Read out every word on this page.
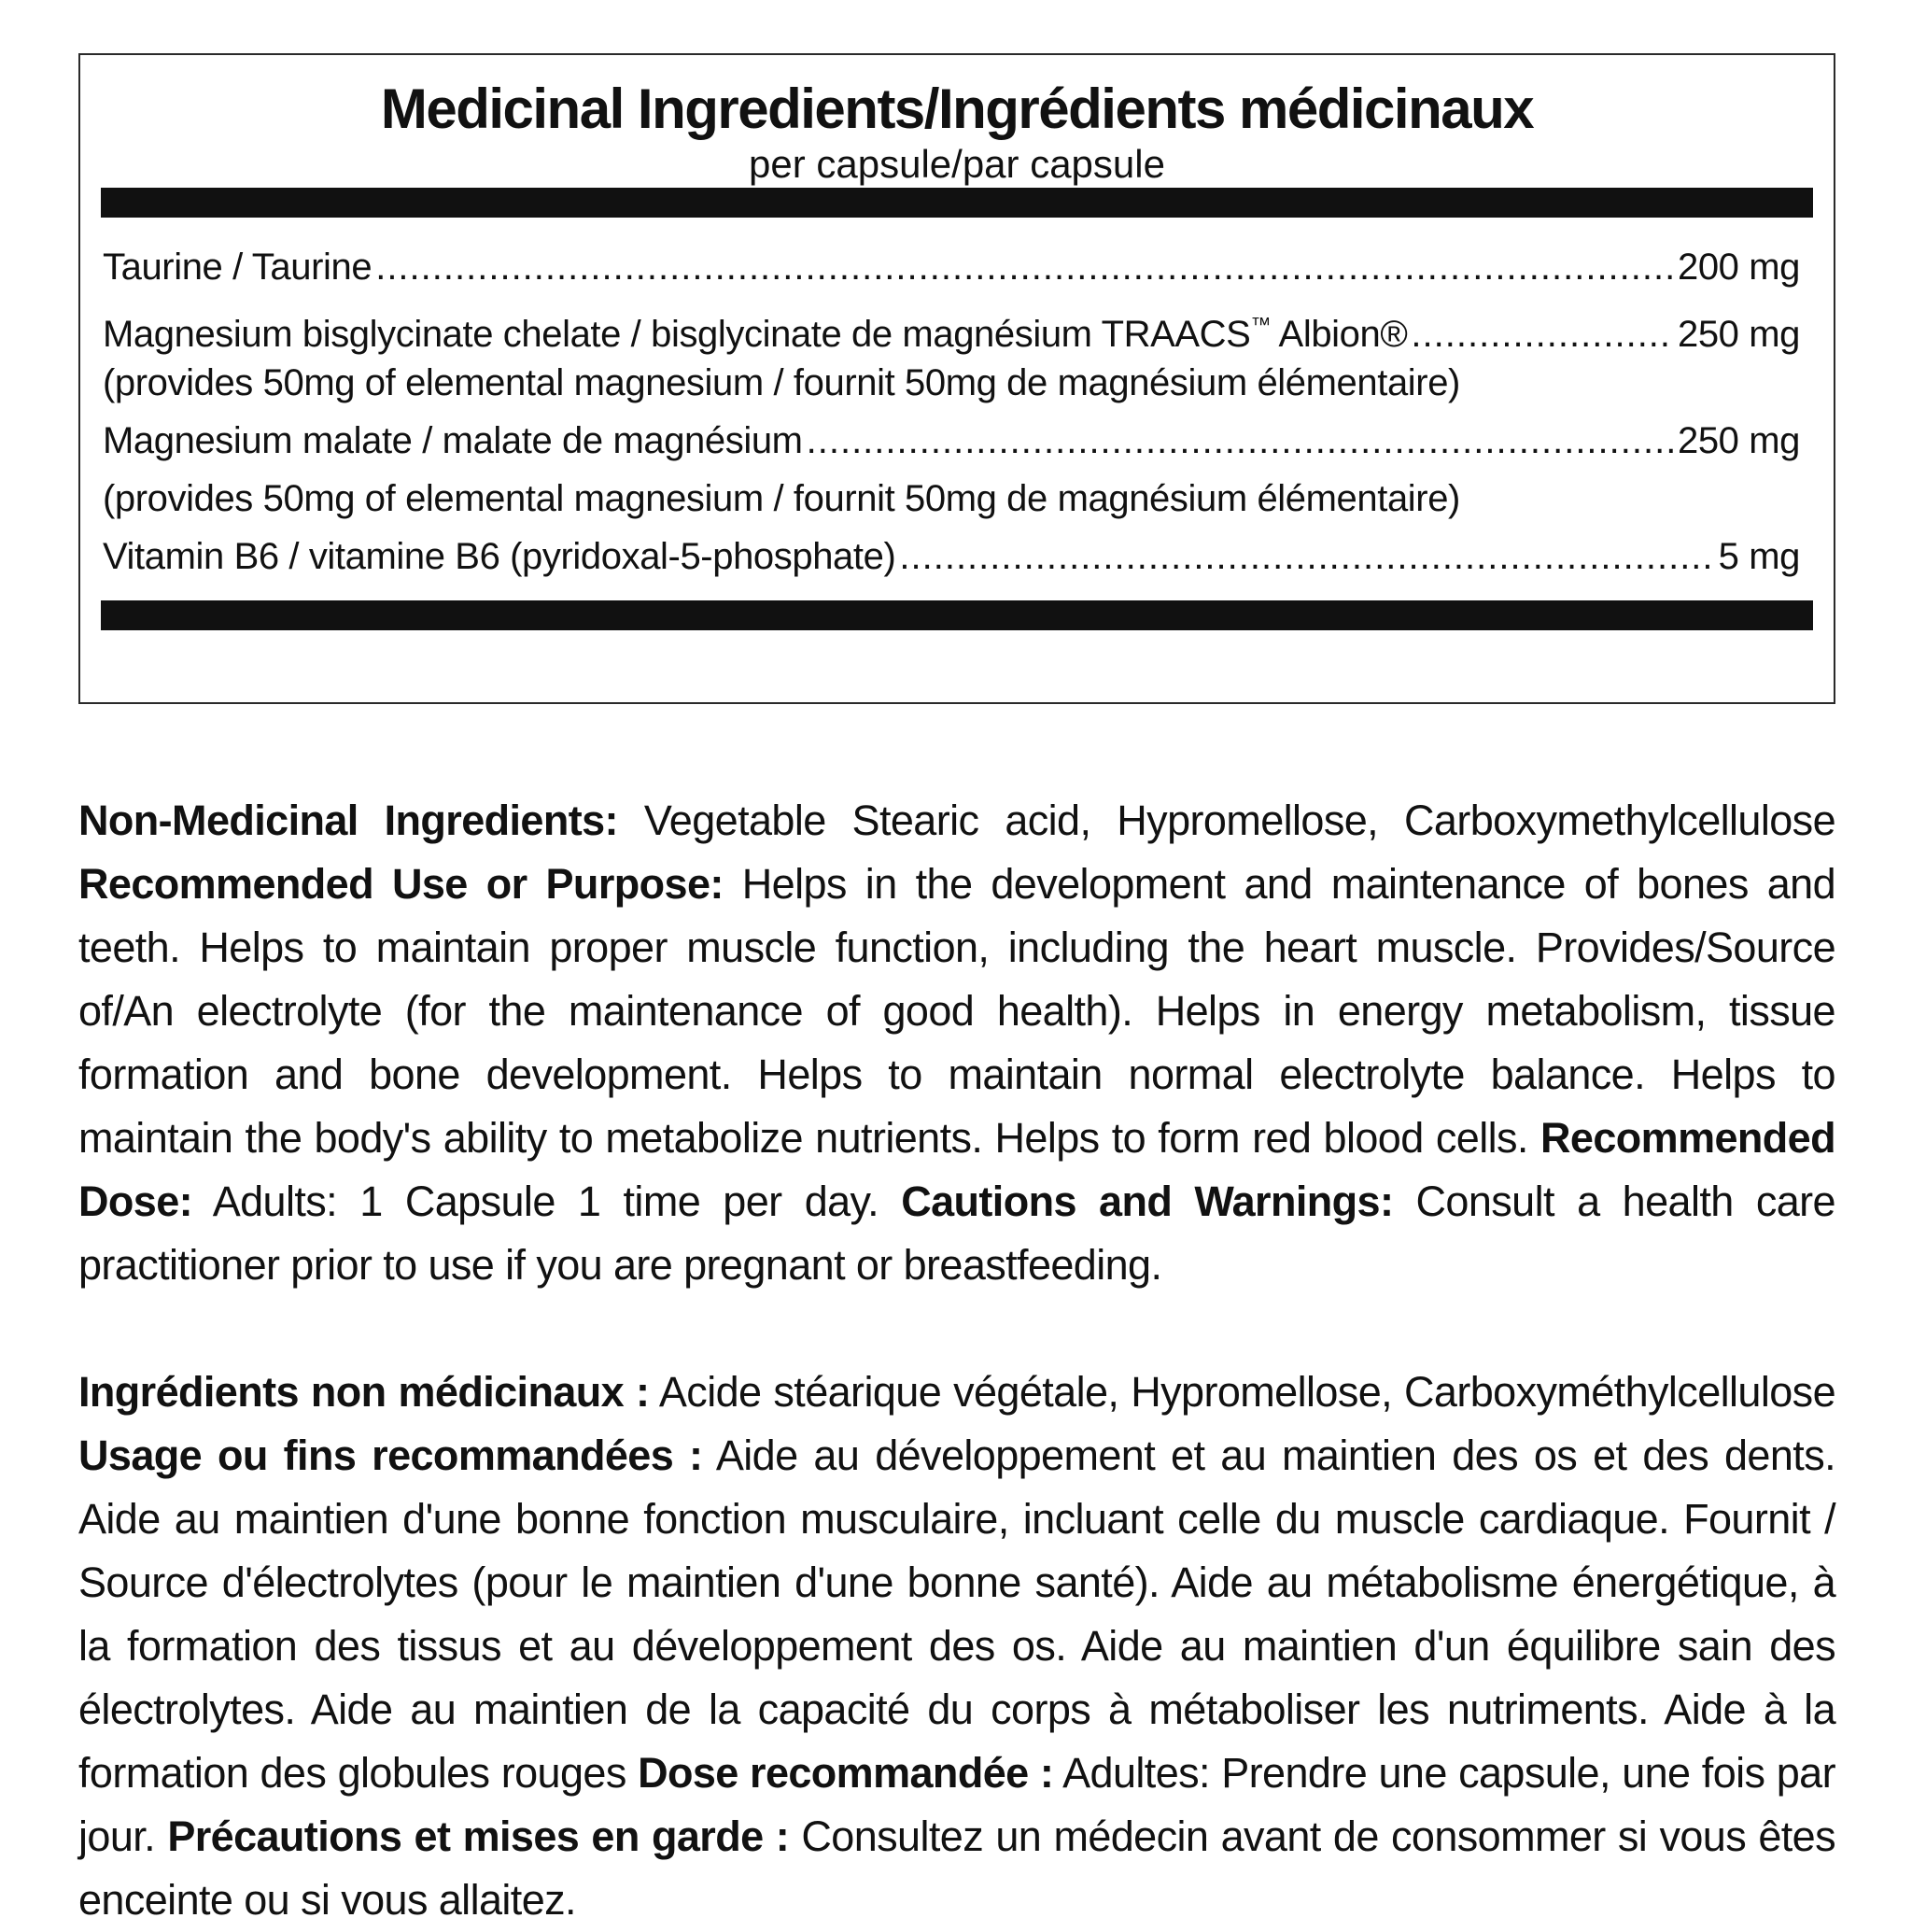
Medicinal Ingredients/Ingrédients médicinaux
per capsule/par capsule
Taurine / Taurine .....	200 mg
Magnesium bisglycinate chelate / bisglycinate de magnésium TRAACS™ Albion® .....	250 mg
(provides 50mg of elemental magnesium / fournit 50mg de magnésium élémentaire)
Magnesium malate / malate de magnésium .....	250 mg
(provides 50mg of elemental magnesium / fournit 50mg de magnésium élémentaire)
Vitamin B6 / vitamine B6 (pyridoxal-5-phosphate) .....	5 mg

Non-Medicinal Ingredients: Vegetable Stearic acid, Hypromellose, Carboxymethylcellulose Recommended Use or Purpose: Helps in the development and maintenance of bones and teeth. Helps to maintain proper muscle function, including the heart muscle. Provides/Source of/An electrolyte (for the maintenance of good health). Helps in energy metabolism, tissue formation and bone development. Helps to maintain normal electrolyte balance. Helps to maintain the body's ability to metabolize nutrients. Helps to form red blood cells. Recommended Dose: Adults: 1 Capsule 1 time per day. Cautions and Warnings: Consult a health care practitioner prior to use if you are pregnant or breastfeeding.

Ingrédients non médicinaux : Acide stéarique végétale, Hypromellose, Carboxyméthylcellulose Usage ou fins recommandées : Aide au développement et au maintien des os et des dents. Aide au maintien d'une bonne fonction musculaire, incluant celle du muscle cardiaque. Fournit / Source d'électrolytes (pour le maintien d'une bonne santé). Aide au métabolisme énergétique, à la formation des tissus et au développement des os. Aide au maintien d'un équilibre sain des électrolytes. Aide au maintien de la capacité du corps à métaboliser les nutriments. Aide à la formation des globules rouges Dose recommandée : Adultes: Prendre une capsule, une fois par jour. Précautions et mises en garde : Consultez un médecin avant de consommer si vous êtes enceinte ou si vous allaitez.
